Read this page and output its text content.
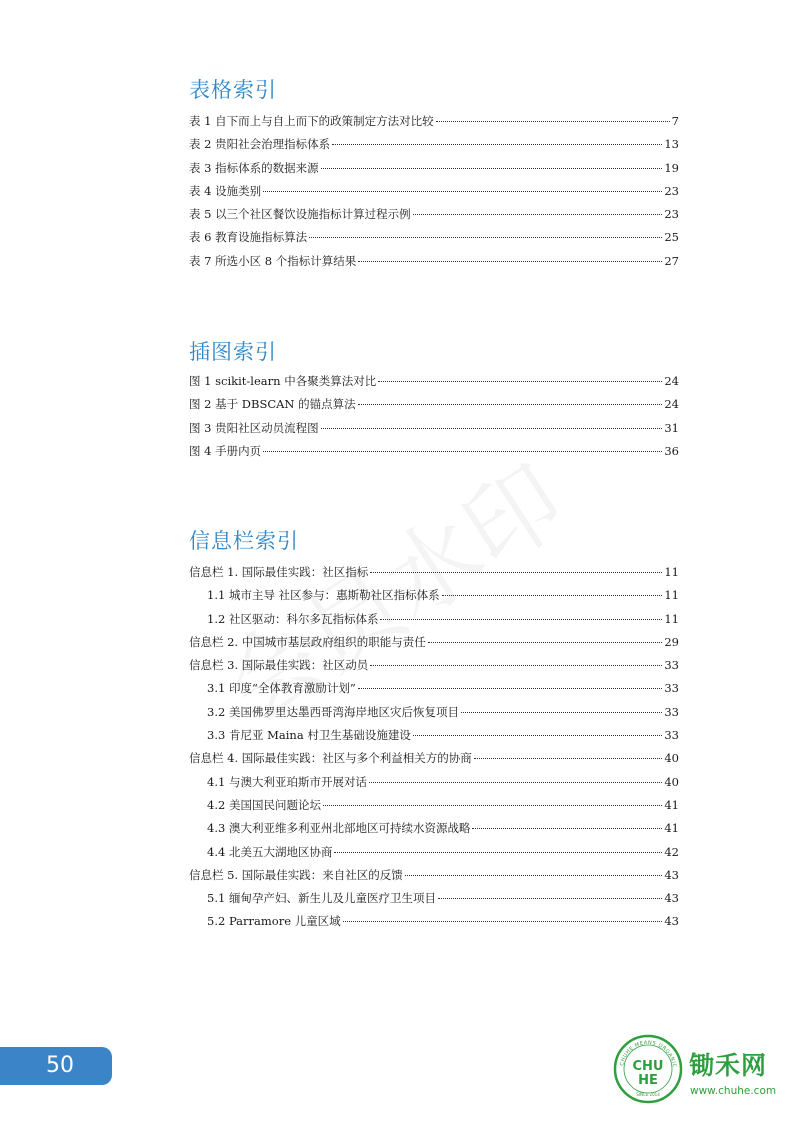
表格索引
表 1 自下而上与自上而下的政策制定方法对比较	7
表 2 贵阳社会治理指标体系	13
表 3 指标体系的数据来源	19
表 4 设施类别	23
表 5 以三个社区餐饮设施指标计算过程示例	23
表 6 教育设施指标算法	25
表 7 所选小区 8 个指标计算结果	27
插图索引
图 1 scikit-learn 中各聚类算法对比	24
图 2 基于 DBSCAN 的锚点算法	24
图 3 贵阳社区动员流程图	31
图 4 手册内页	36
信息栏索引
信息栏 1. 国际最佳实践：社区指标	11
1.1 城市主导 社区参与：惠斯勒社区指标体系	11
1.2 社区驱动：科尔多瓦指标体系	11
信息栏 2. 中国城市基层政府组织的职能与责任	29
信息栏 3. 国际最佳实践：社区动员	33
3.1 印度“全体教育激励计划”	33
3.2 美国佛罗里达墨西哥湾海岸地区灾后恢复项目	33
3.3 肯尼亚 Maina 村卫生基础设施建设	33
信息栏 4. 国际最佳实践：社区与多个利益相关方的协商	40
4.1 与澳大利亚珀斯市开展对话	40
4.2 美国国民问题论坛	41
4.3 澳大利亚维多利亚州北部地区可持续水资源战略	41
4.4 北美五大湖地区协商	42
信息栏 5. 国际最佳实践：来自社区的反馈	43
5.1 缅甸孕产妇、新生儿及儿童医疗卫生项目	43
5.2 Parramore 儿童区域	43
50	CHUHE MEANS ORGANIC
CHU
HE
SINCE 2014
锄禾网
www.chuhe.com
